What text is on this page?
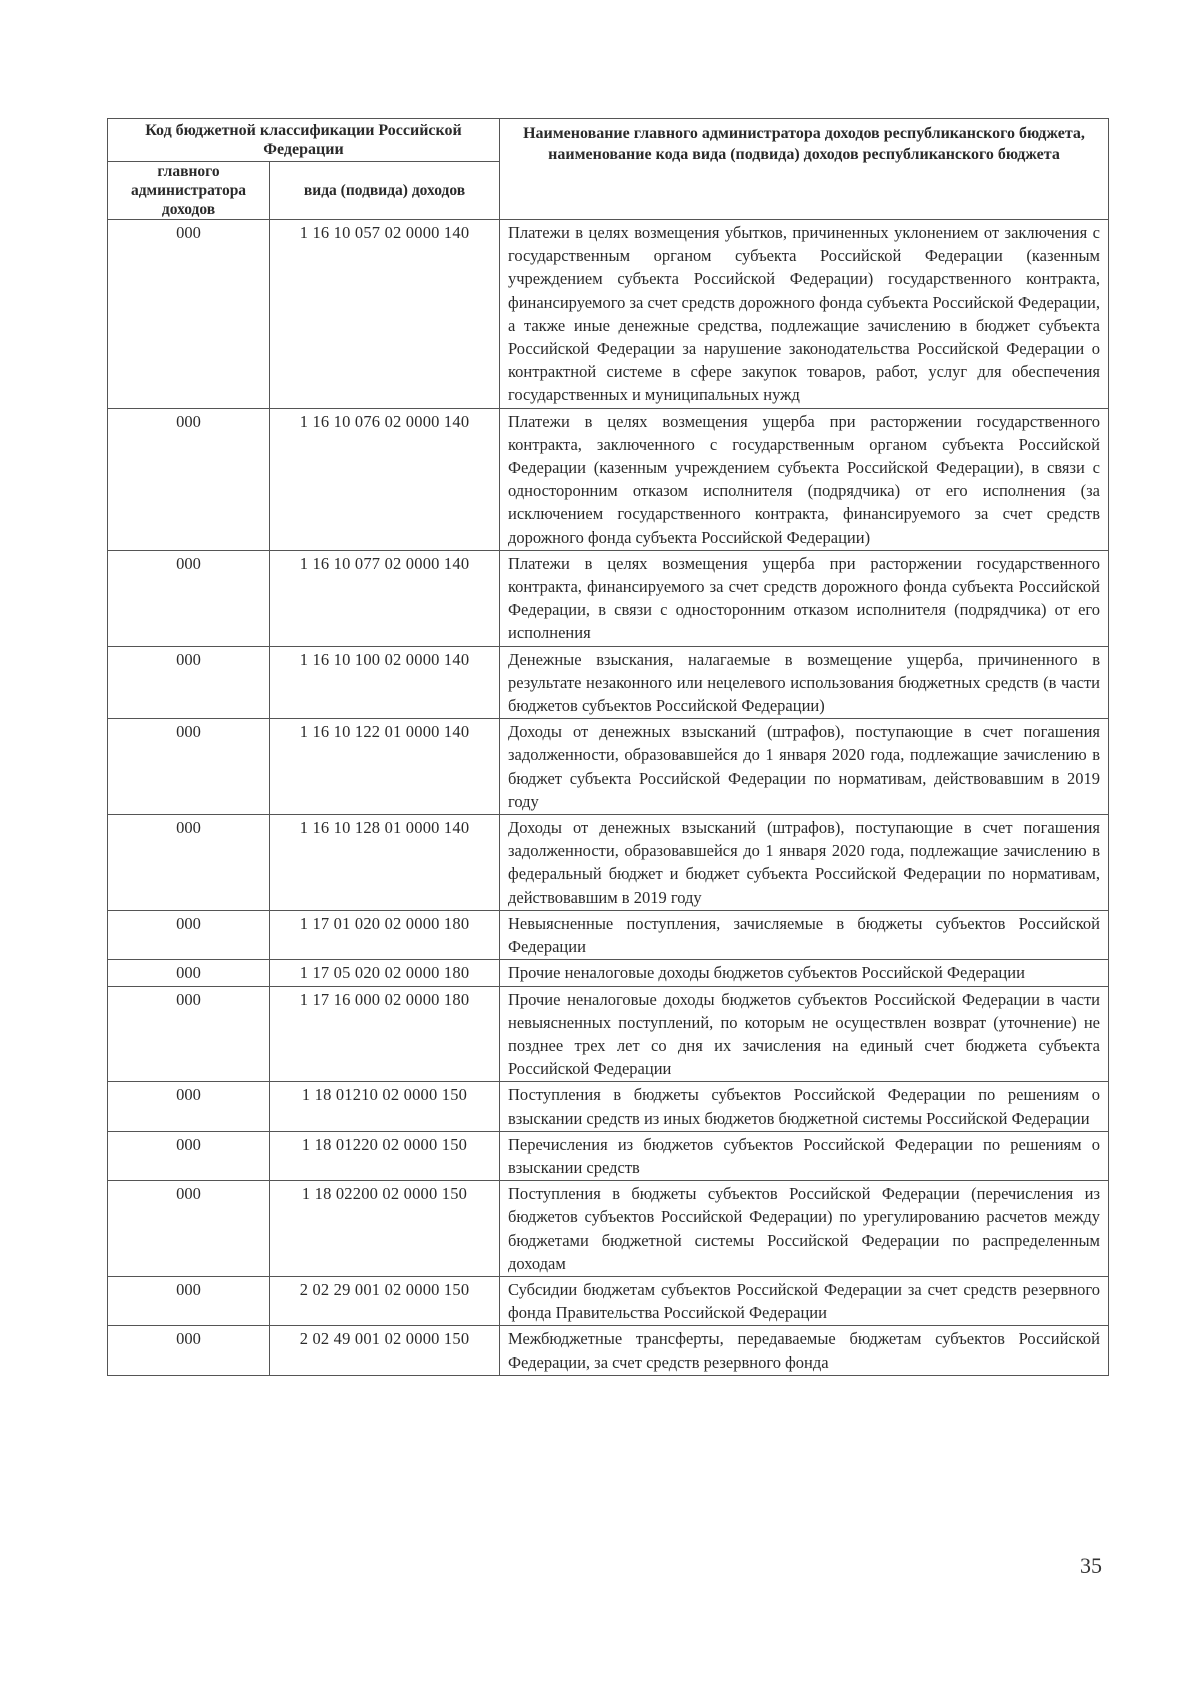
Код бюджетной классификации Российской Федерации		Наименование главного администратора доходов республиканского бюджета, наименование кода вида (подвида) доходов республиканского бюджета
главного администратора доходов	вида (подвида) доходов	
000	1 16 10 057 02 0000 140	Платежи в целях возмещения убытков, причиненных уклонением от заключения с государственным органом субъекта Российской Федерации (казенным учреждением субъекта Российской Федерации) государственного контракта, финансируемого за счет средств дорожного фонда субъекта Российской Федерации, а также иные денежные средства, подлежащие зачислению в бюджет субъекта Российской Федерации за нарушение законодательства Российской Федерации о контрактной системе в сфере закупок товаров, работ, услуг для обеспечения государственных и муниципальных нужд
000	1 16 10 076 02 0000 140	Платежи в целях возмещения ущерба при расторжении государственного контракта, заключенного с государственным органом субъекта Российской Федерации (казенным учреждением субъекта Российской Федерации), в связи с односторонним отказом исполнителя (подрядчика) от его исполнения (за исключением государственного контракта, финансируемого за счет средств дорожного фонда субъекта Российской Федерации)
000	1 16 10 077 02 0000 140	Платежи в целях возмещения ущерба при расторжении государственного контракта, финансируемого за счет средств дорожного фонда субъекта Российской Федерации, в связи с односторонним отказом исполнителя (подрядчика) от его исполнения
000	1 16 10 100 02 0000 140	Денежные взыскания, налагаемые в возмещение ущерба, причиненного в результате незаконного или нецелевого использования бюджетных средств (в части бюджетов субъектов Российской Федерации)
000	1 16 10 122 01 0000 140	Доходы от денежных взысканий (штрафов), поступающие в счет погашения задолженности, образовавшейся до 1 января 2020 года, подлежащие зачислению в бюджет субъекта Российской Федерации по нормативам, действовавшим в 2019 году
000	1 16 10 128 01 0000 140	Доходы от денежных взысканий (штрафов), поступающие в счет погашения задолженности, образовавшейся до 1 января 2020 года, подлежащие зачислению в федеральный бюджет и бюджет субъекта Российской Федерации по нормативам, действовавшим в 2019 году
000	1 17 01 020 02 0000 180	Невыясненные поступления, зачисляемые в бюджеты субъектов Российской Федерации
000	1 17 05 020 02 0000 180	Прочие неналоговые доходы бюджетов субъектов Российской Федерации
000	1 17 16 000 02 0000 180	Прочие неналоговые доходы бюджетов субъектов Российской Федерации в части невыясненных поступлений, по которым не осуществлен возврат (уточнение) не позднее трех лет со дня их зачисления на единый счет бюджета субъекта Российской Федерации
000	1 18 01210 02 0000 150	Поступления в бюджеты субъектов Российской Федерации по решениям о взыскании средств из иных бюджетов бюджетной системы Российской Федерации
000	1 18 01220 02 0000 150	Перечисления из бюджетов субъектов Российской Федерации по решениям о взыскании средств
000	1 18 02200 02 0000 150	Поступления в бюджеты субъектов Российской Федерации (перечисления из бюджетов субъектов Российской Федерации) по урегулированию расчетов между бюджетами бюджетной системы Российской Федерации по распределенным доходам
000	2 02 29 001 02 0000 150	Субсидии бюджетам субъектов Российской Федерации за счет средств резервного фонда Правительства Российской Федерации
000	2 02 49 001 02 0000 150	Межбюджетные трансферты, передаваемые бюджетам субъектов Российской Федерации, за счет средств резервного фонда
35
